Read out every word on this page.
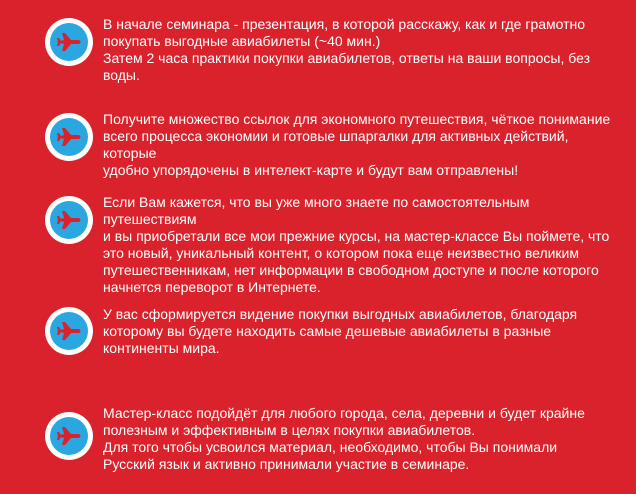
В начале семинара - презентация, в которой расскажу, как и где грамотно

покупать выгодные авиабилеты (~40 мин.)

Затем 2 часа практики покупки авиабилетов, ответы на ваши вопросы, без

воды.

Получите множество ссылок для экономного путешествия, чёткое понимание

всего процесса экономии и готовые шпаргалки для активных действий, которые

удобно упорядочены в интелект-карте и будут вам отправлены!

Если Вам кажется, что вы уже много знаете по самостоятельным путешествиям

и вы приобретали все мои прежние курсы, на мастер-классе Вы поймете, что

это новый, уникальный контент, о котором пока еще неизвестно великим

путешественникам, нет информации в свободном доступе и после которого

начнется переворот в Интернете.

У вас сформируется видение покупки выгодных авиабилетов, благодаря

которому вы будете находить самые дешевые авиабилеты в разные

континенты мира.

Мастер-класс подойдёт для любого города, села, деревни и будет крайне

полезным и эффективным в целях покупки авиабилетов.

Для того чтобы усвоился материал, необходимо, чтобы Вы понимали

Русский язык и активно принимали участие в семинаре.
